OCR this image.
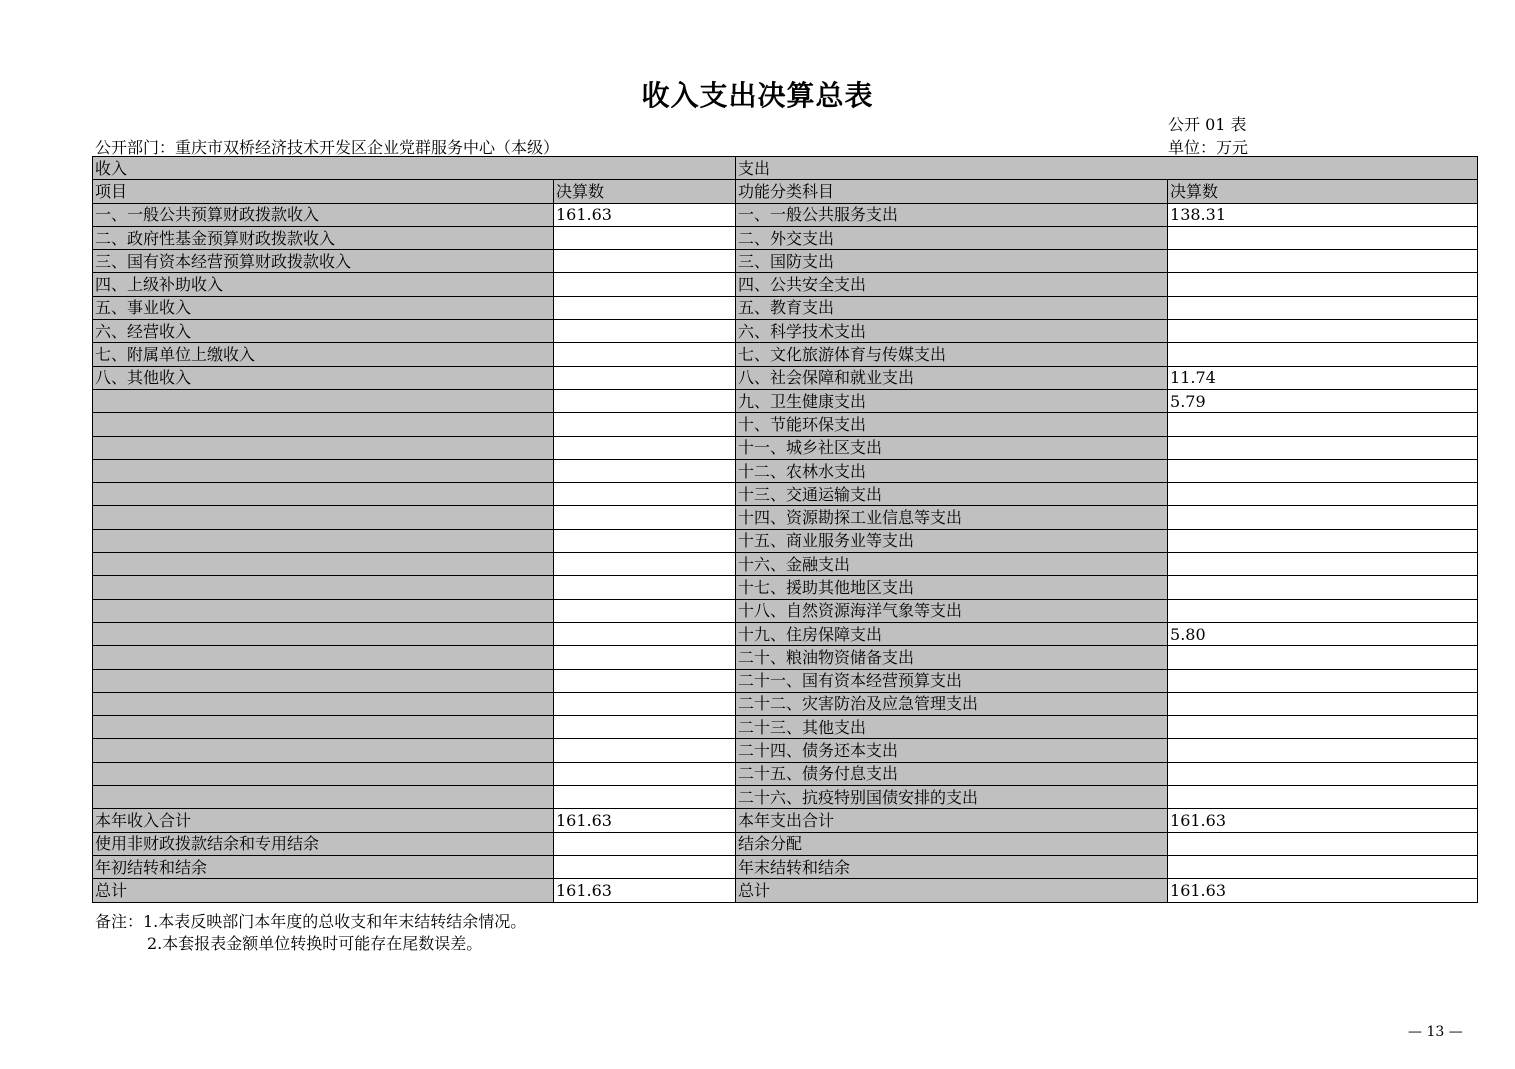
收入支出决算总表
公开 01 表
公开部门：重庆市双桥经济技术开发区企业党群服务中心（本级）	单位：万元
收入		支出	
项目	决算数	功能分类科目	决算数
一、一般公共预算财政拨款收入	161.63	一、一般公共服务支出	138.31
二、政府性基金预算财政拨款收入		二、外交支出	
三、国有资本经营预算财政拨款收入		三、国防支出	
四、上级补助收入		四、公共安全支出	
五、事业收入		五、教育支出	
六、经营收入		六、科学技术支出	
七、附属单位上缴收入		七、文化旅游体育与传媒支出	
八、其他收入		八、社会保障和就业支出	11.74
		九、卫生健康支出	5.79
		十、节能环保支出	
		十一、城乡社区支出	
		十二、农林水支出	
		十三、交通运输支出	
		十四、资源勘探工业信息等支出	
		十五、商业服务业等支出	
		十六、金融支出	
		十七、援助其他地区支出	
		十八、自然资源海洋气象等支出	
		十九、住房保障支出	5.80
		二十、粮油物资储备支出	
		二十一、国有资本经营预算支出	
		二十二、灾害防治及应急管理支出	
		二十三、其他支出	
		二十四、债务还本支出	
		二十五、债务付息支出	
		二十六、抗疫特别国债安排的支出	
本年收入合计	161.63	本年支出合计	161.63
使用非财政拨款结余和专用结余		结余分配	
年初结转和结余		年末结转和结余	
总计	161.63	总计	161.63
备注：1.本表反映部门本年度的总收支和年末结转结余情况。
2.本套报表金额单位转换时可能存在尾数误差。
— 13 —
